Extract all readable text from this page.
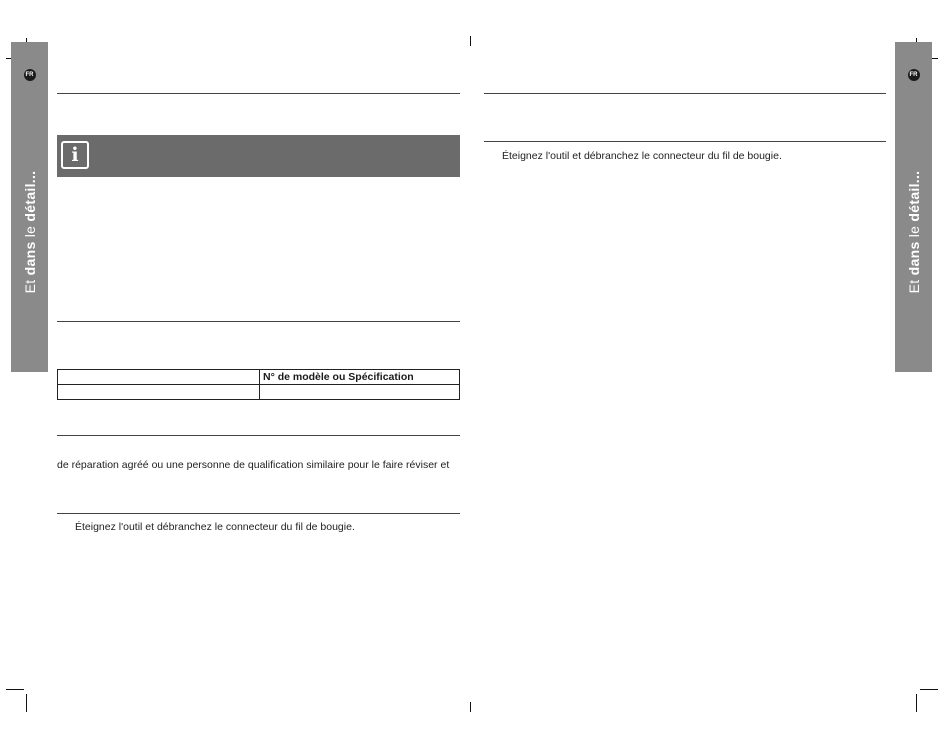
FR
Et dans le détail...
FR
Et dans le détail...
i
	N° de modèle ou Spécification

de réparation agréé ou une personne de qualification similaire pour le faire réviser et
Éteignez l'outil et débranchez le connecteur du fil de bougie.
Éteignez l'outil et débranchez le connecteur du fil de bougie.
